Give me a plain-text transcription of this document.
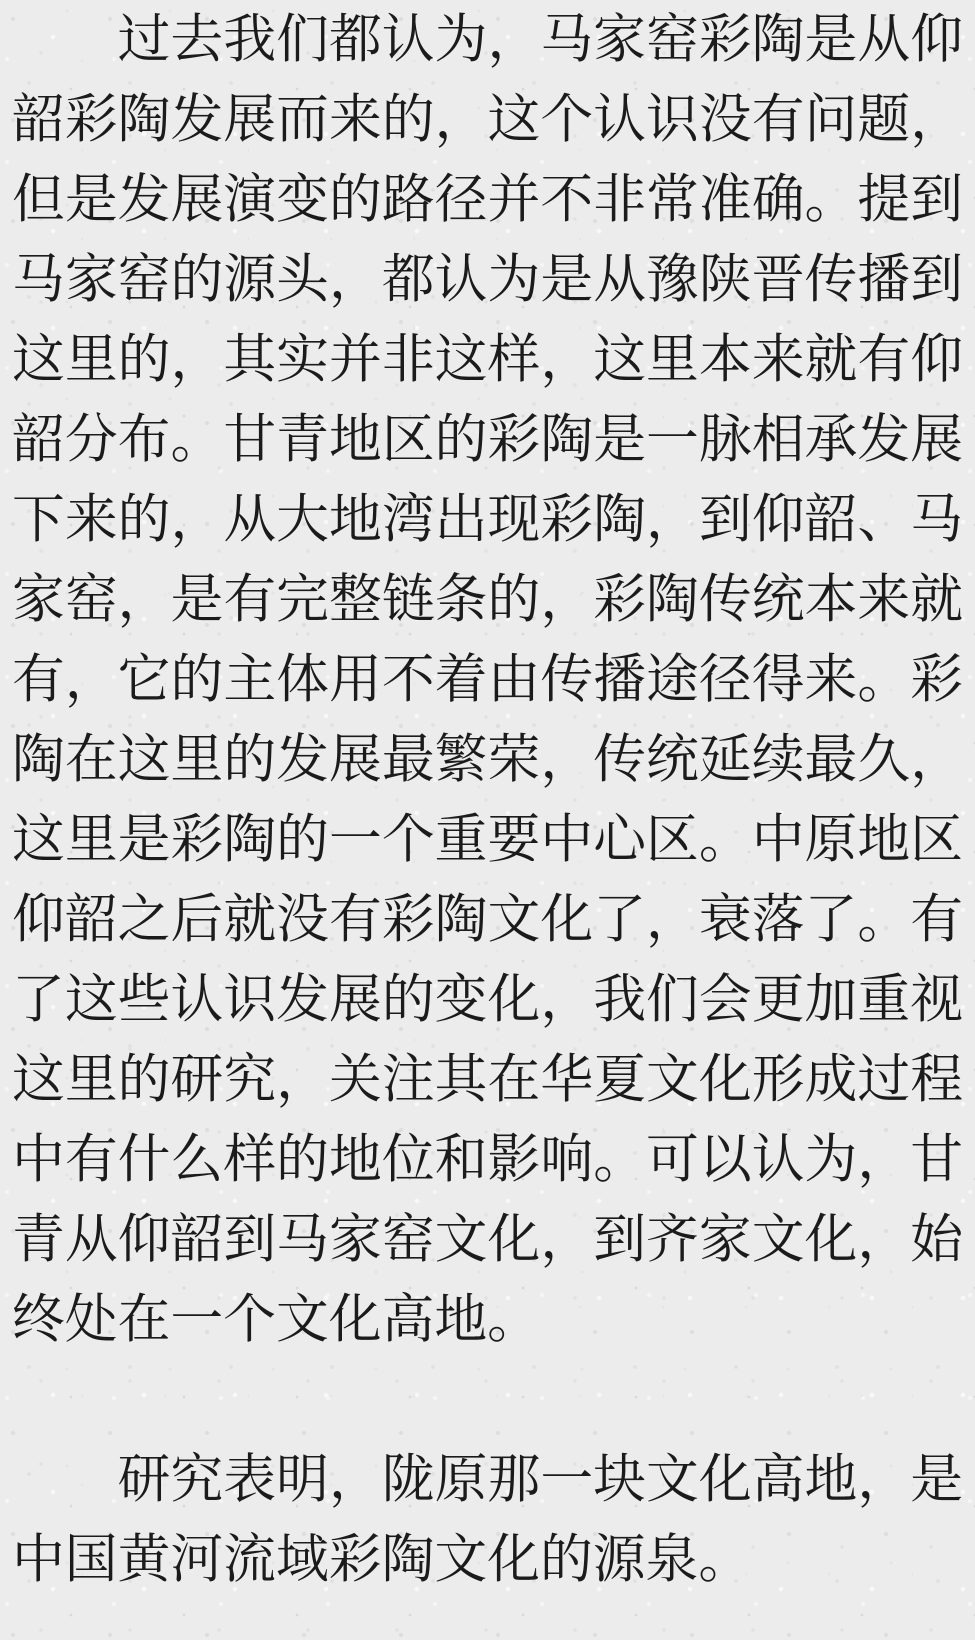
过去我们都认为，马家窑彩陶是从仰韶彩陶发展而来的，这个认识没有问题，但是发展演变的路径并不非常准确。提到马家窑的源头，都认为是从豫陕晋传播到这里的，其实并非这样，这里本来就有仰韶分布。甘青地区的彩陶是一脉相承发展下来的，从大地湾出现彩陶，到仰韶、马家窑，是有完整链条的，彩陶传统本来就有，它的主体用不着由传播途径得来。彩陶在这里的发展最繁荣，传统延续最久，这里是彩陶的一个重要中心区。中原地区仰韶之后就没有彩陶文化了，衰落了。有了这些认识发展的变化，我们会更加重视这里的研究，关注其在华夏文化形成过程中有什么样的地位和影响。可以认为，甘青从仰韶到马家窑文化，到齐家文化，始终处在一个文化高地。

研究表明，陇原那一块文化高地，是中国黄河流域彩陶文化的源泉。
